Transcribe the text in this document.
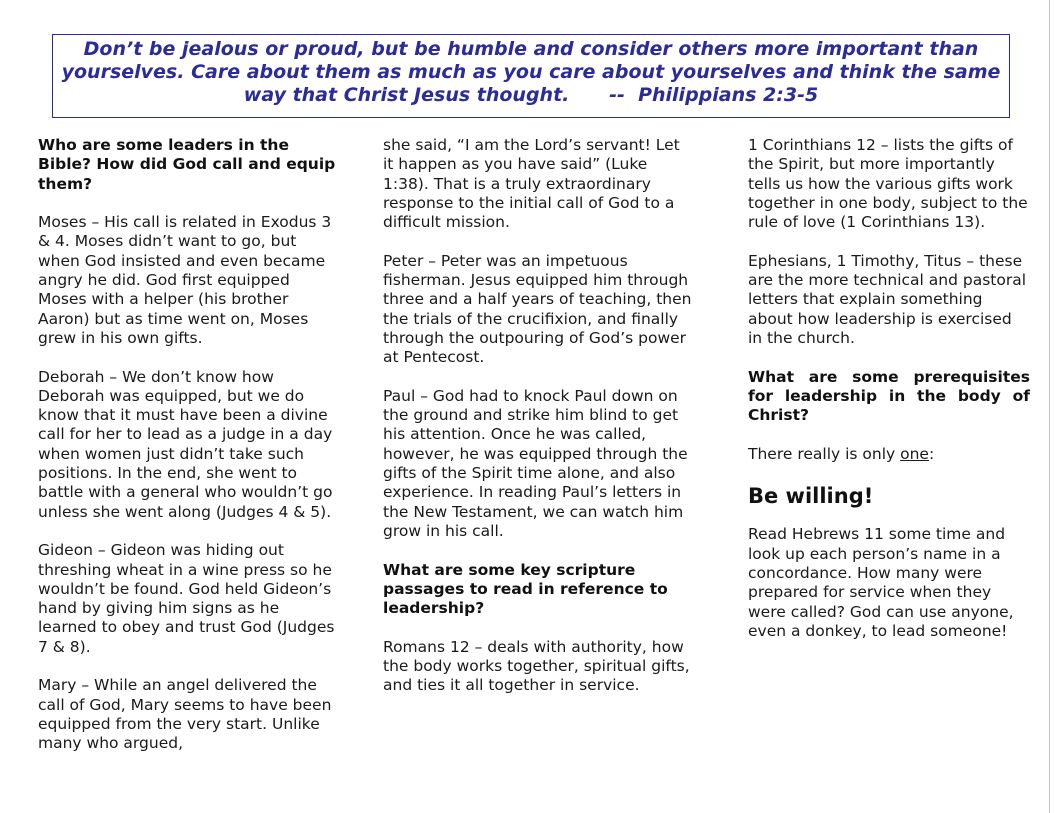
Don’t be jealous or proud, but be humble and consider others more important than
yourselves. Care about them as much as you care about yourselves and think the same
way that Christ Jesus thought.      --  Philippians 2:3-5
Who are some leaders in the Bible? How did God call and equip them?

Moses – His call is related in Exodus 3 & 4. Moses didn’t want to go, but when God insisted and even became angry he did. God first equipped Moses with a helper (his brother Aaron) but as time went on, Moses grew in his own gifts.

Deborah – We don’t know how Deborah was equipped, but we do know that it must have been a divine call for her to lead as a judge in a day when women just didn’t take such positions. In the end, she went to battle with a general who wouldn’t go unless she went along (Judges 4 & 5).

Gideon – Gideon was hiding out threshing wheat in a wine press so he wouldn’t be found. God held Gideon’s hand by giving him signs as he learned to obey and trust God (Judges 7 & 8).

Mary – While an angel delivered the call of God, Mary seems to have been equipped from the very start. Unlike many who argued,

she said, “I am the Lord’s servant! Let it happen as you have said” (Luke 1:38). That is a truly extraordinary response to the initial call of God to a difficult mission.

Peter – Peter was an impetuous fisherman. Jesus equipped him through three and a half years of teaching, then the trials of the crucifixion, and finally through the outpouring of God’s power at Pentecost.

Paul – God had to knock Paul down on the ground and strike him blind to get his attention. Once he was called, however, he was equipped through the gifts of the Spirit time alone, and also experience. In reading Paul’s letters in the New Testament, we can watch him grow in his call.

What are some key scripture passages to read in reference to leadership?

Romans 12 – deals with authority, how the body works together, spiritual gifts, and ties it all together in service.

1 Corinthians 12 – lists the gifts of the Spirit, but more importantly tells us how the various gifts work together in one body, subject to the rule of love (1 Corinthians 13).

Ephesians, 1 Timothy, Titus – these are the more technical and pastoral letters that explain something about how leadership is exercised in the church.

What are some prerequisites for leadership in the body of Christ?

There really is only one:

Be willing!

Read Hebrews 11 some time and look up each person’s name in a concordance. How many were prepared for service when they were called? God can use anyone, even a donkey, to lead someone!
